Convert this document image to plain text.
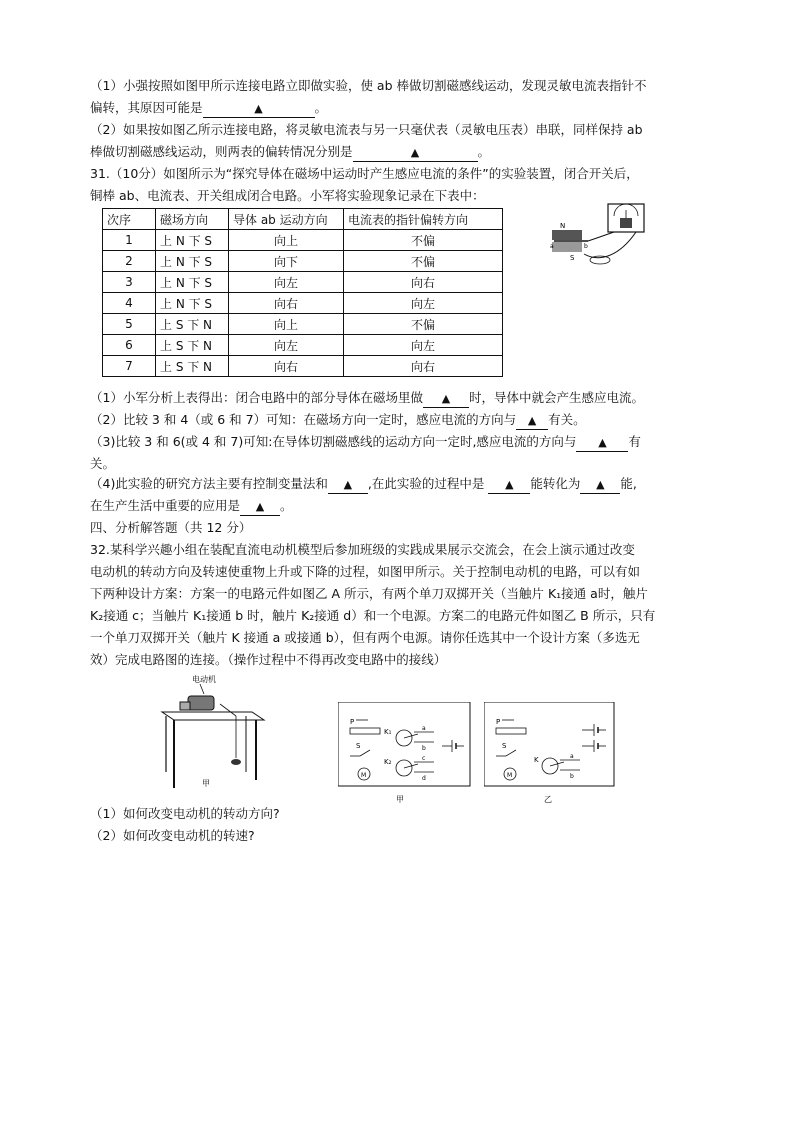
（1）小强按照如图甲所示连接电路立即做实验，使 ab 棒做切割磁感线运动，发现灵敏电流表指针不
偏转，其原因可能是	▲	。
（2）如果按如图乙所示连接电路，将灵敏电流表与另一只毫伏表（灵敏电压表）串联，同样保持 ab
棒做切割磁感线运动，则两表的偏转情况分别是	▲	。
31.（10分）如图所示为“探究导体在磁场中运动时产生感应电流的条件”的实验装置，闭合开关后，
铜棒 ab、电流表、开关组成闭合电路。小军将实验现象记录在下表中：
次序	磁场方向	导体 ab 运动方向	电流表的指针偏转方向
1	上 N 下 S	向上	不偏
2	上 N 下 S	向下	不偏
3	上 N 下 S	向左	向右
4	上 N 下 S	向右	向左
5	上 S 下 N	向上	不偏
6	上 S 下 N	向左	向左
7	上 S 下 N	向右	向右
N
S
a	b
（1）小军分析上表得出：闭合电路中的部分导体在磁场里做 ▲ 时，导体中就会产生感应电流。
（2）比较 3 和 4（或 6 和 7）可知：在磁场方向一定时，感应电流的方向与 ▲ 有关。
（3)比较 3 和 6(或 4 和 7)可知:在导体切割磁感线的运动方向一定时,感应电流的方向与 ▲ 有
关。
（4)此实验的研究方法主要有控制变量法和 ▲ ,在此实验的过程中是 ▲ 能转化为 ▲ 能,
在生产生活中重要的应用是 ▲ 。
四、分析解答题（共 12 分）
32.某科学兴趣小组在装配直流电动机模型后参加班级的实践成果展示交流会，在会上演示通过改变
电动机的转动方向及转速使重物上升或下降的过程，如图甲所示。关于控制电动机的电路，可以有如
下两种设计方案：方案一的电路元件如图乙 A 所示，有两个单刀双掷开关（当触片 K₁接通 a时，触片
K₂接通 c；当触片 K₁接通 b 时，触片 K₂接通 d）和一个电源。方案二的电路元件如图乙 B 所示，只有
一个单刀双掷开关（触片 K 接通 a 或接通 b），但有两个电源。请你任选其中一个设计方案（多选无
效）完成电路图的连接。（操作过程中不得再改变电路中的接线）
电动机
甲
P
S
M
K₁	a
b
K₂	c
d
甲
P
S
M
K	a
b
乙
（1）如何改变电动机的转动方向?
（2）如何改变电动机的转速?
